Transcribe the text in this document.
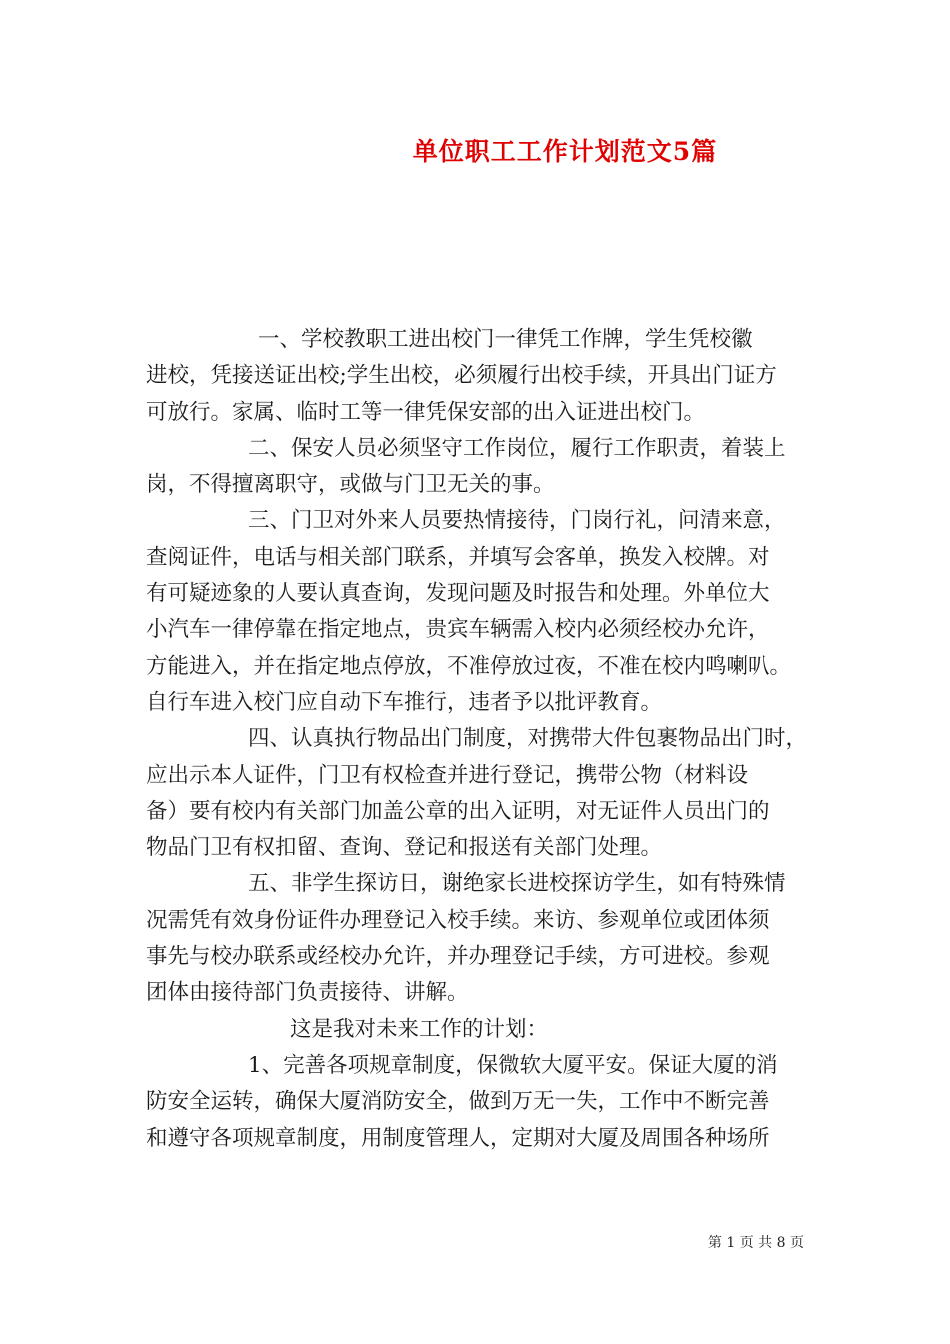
单位职工工作计划范文5篇
一、学校教职工进出校门一律凭工作牌，学生凭校徽
进校，凭接送证出校;学生出校，必须履行出校手续，开具出门证方
可放行。家属、临时工等一律凭保安部的出入证进出校门。
二、保安人员必须坚守工作岗位，履行工作职责，着装上
岗，不得擅离职守，或做与门卫无关的事。
三、门卫对外来人员要热情接待，门岗行礼，问清来意，
查阅证件，电话与相关部门联系，并填写会客单，换发入校牌。对
有可疑迹象的人要认真查询，发现问题及时报告和处理。外单位大
小汽车一律停靠在指定地点，贵宾车辆需入校内必须经校办允许，
方能进入，并在指定地点停放，不准停放过夜，不准在校内鸣喇叭。
自行车进入校门应自动下车推行，违者予以批评教育。
四、认真执行物品出门制度，对携带大件包裹物品出门时，
应出示本人证件，门卫有权检查并进行登记，携带公物（材料设
备）要有校内有关部门加盖公章的出入证明，对无证件人员出门的
物品门卫有权扣留、查询、登记和报送有关部门处理。
五、非学生探访日，谢绝家长进校探访学生，如有特殊情
况需凭有效身份证件办理登记入校手续。来访、参观单位或团体须
事先与校办联系或经校办允许，并办理登记手续，方可进校。参观
团体由接待部门负责接待、讲解。
这是我对未来工作的计划：
1、完善各项规章制度，保微软大厦平安。保证大厦的消
防安全运转，确保大厦消防安全，做到万无一失，工作中不断完善
和遵守各项规章制度，用制度管理人，定期对大厦及周围各种场所
第 1 页 共 8 页
